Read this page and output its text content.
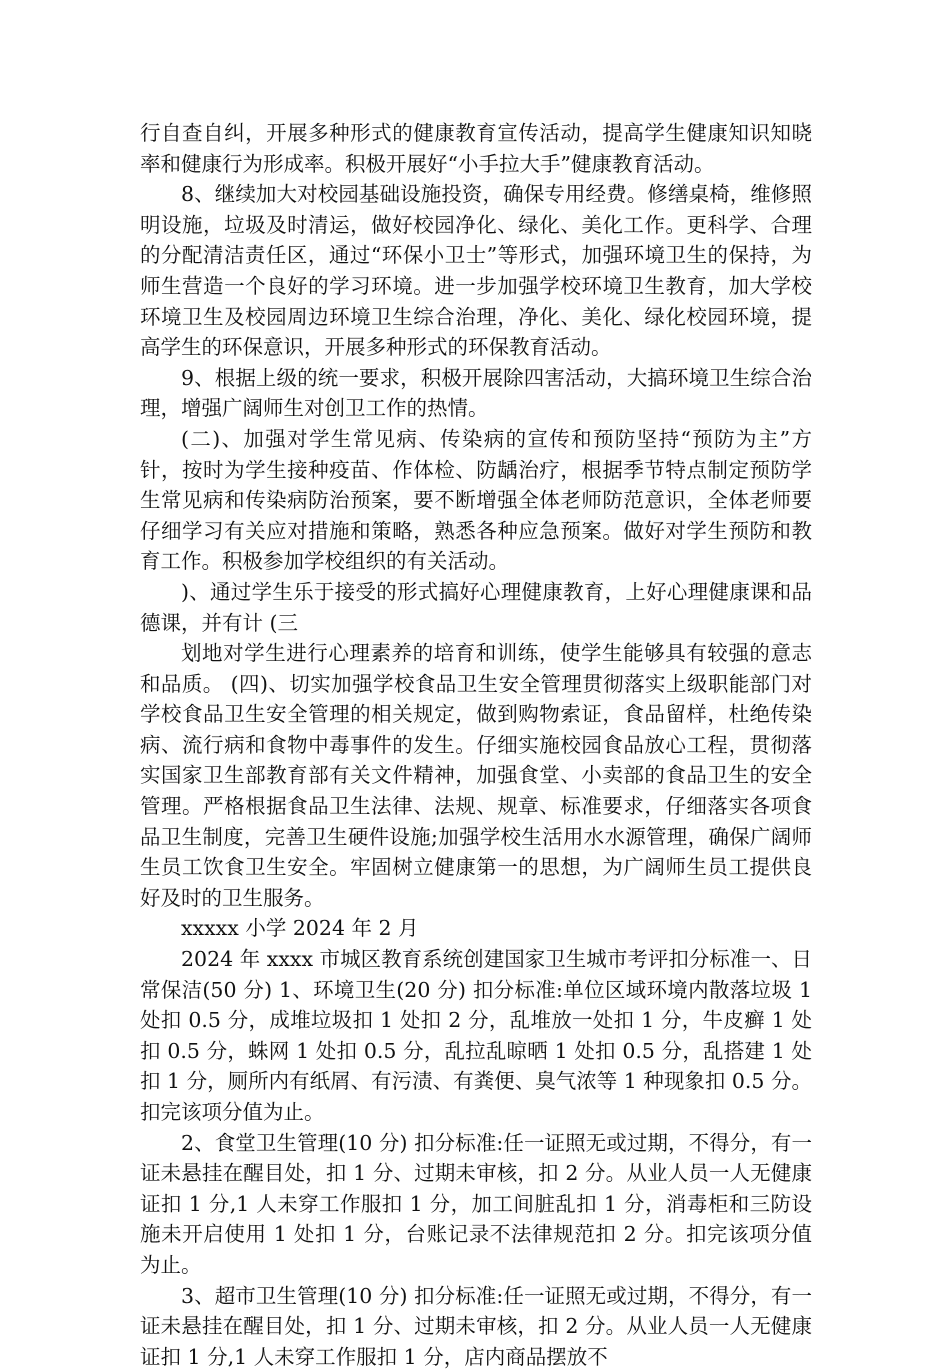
行自查自纠，开展多种形式的健康教育宣传活动，提高学生健康知识知晓率和健康行为形成率。积极开展好“小手拉大手”健康教育活动。

8、继续加大对校园基础设施投资，确保专用经费。修缮桌椅，维修照明设施，垃圾及时清运，做好校园净化、绿化、美化工作。更科学、合理的分配清洁责任区，通过“环保小卫士”等形式，加强环境卫生的保持，为师生营造一个良好的学习环境。进一步加强学校环境卫生教育，加大学校环境卫生及校园周边环境卫生综合治理，净化、美化、绿化校园环境，提高学生的环保意识，开展多种形式的环保教育活动。

9、根据上级的统一要求，积极开展除四害活动，大搞环境卫生综合治理，增强广阔师生对创卫工作的热情。

(二)、加强对学生常见病、传染病的宣传和预防坚持“预防为主”方针，按时为学生接种疫苗、作体检、防龋治疗，根据季节特点制定预防学生常见病和传染病防治预案，要不断增强全体老师防范意识，全体老师要仔细学习有关应对措施和策略，熟悉各种应急预案。做好对学生预防和教育工作。积极参加学校组织的有关活动。

)、通过学生乐于接受的形式搞好心理健康教育，上好心理健康课和品德课，并有计 (三

划地对学生进行心理素养的培育和训练，使学生能够具有较强的意志和品质。 (四)、切实加强学校食品卫生安全管理贯彻落实上级职能部门对学校食品卫生安全管理的相关规定，做到购物索证，食品留样，杜绝传染病、流行病和食物中毒事件的发生。仔细实施校园食品放心工程，贯彻落实国家卫生部教育部有关文件精神，加强食堂、小卖部的食品卫生的安全管理。严格根据食品卫生法律、法规、规章、标准要求，仔细落实各项食品卫生制度，完善卫生硬件设施;加强学校生活用水水源管理，确保广阔师生员工饮食卫生安全。牢固树立健康第一的思想，为广阔师生员工提供良好及时的卫生服务。

xxxxx 小学 2024 年 2 月

2024 年 xxxx 市城区教育系统创建国家卫生城市考评扣分标准一、日常保洁(50 分) 1、环境卫生(20 分) 扣分标准:单位区域环境内散落垃圾 1 处扣 0.5 分，成堆垃圾扣 1 处扣 2 分，乱堆放一处扣 1 分，牛皮癣 1 处扣 0.5 分，蛛网 1 处扣 0.5 分，乱拉乱晾晒 1 处扣 0.5 分，乱搭建 1 处扣 1 分，厕所内有纸屑、有污渍、有粪便、臭气浓等 1 种现象扣 0.5 分。扣完该项分值为止。

2、食堂卫生管理(10 分) 扣分标准:任一证照无或过期，不得分，有一证未悬挂在醒目处，扣 1 分、过期未审核，扣 2 分。从业人员一人无健康证扣 1 分,1 人未穿工作服扣 1 分，加工间脏乱扣 1 分，消毒柜和三防设施未开启使用 1 处扣 1 分，台账记录不法律规范扣 2 分。扣完该项分值为止。

3、超市卫生管理(10 分) 扣分标准:任一证照无或过期，不得分，有一证未悬挂在醒目处，扣 1 分、过期未审核，扣 2 分。从业人员一人无健康证扣 1 分,1 人未穿工作服扣 1 分，店内商品摆放不
